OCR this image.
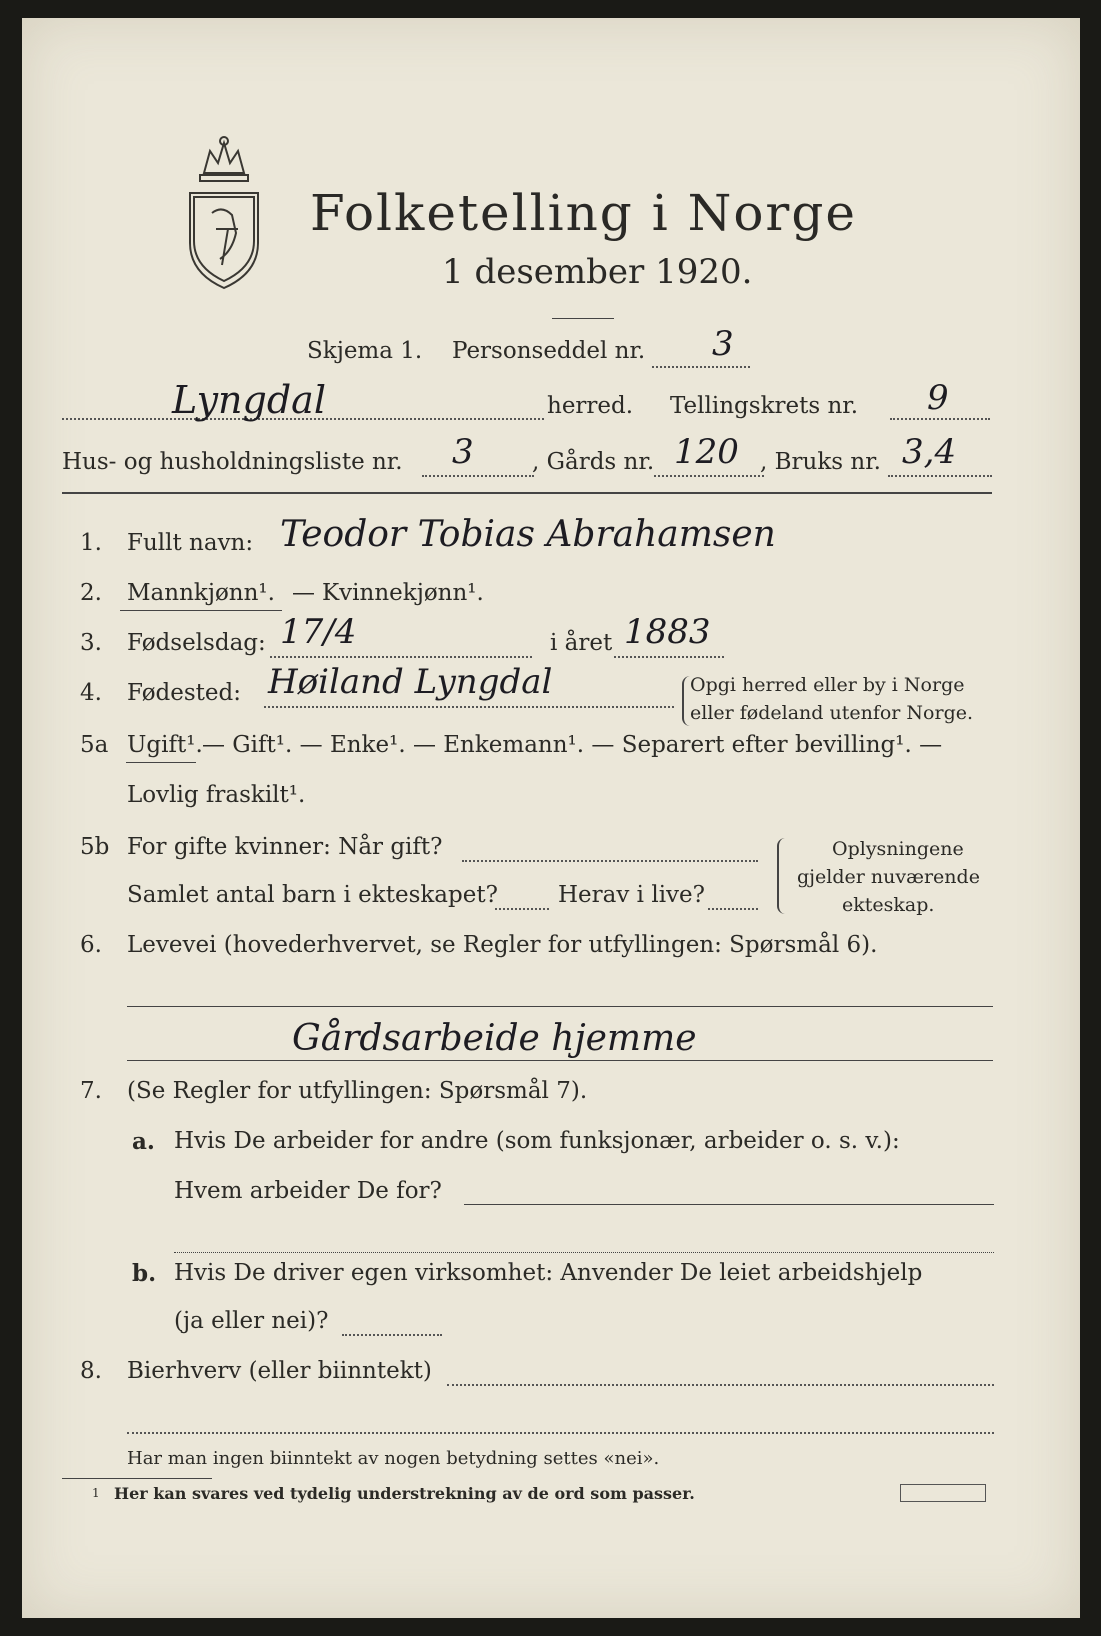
Folketelling i Norge
1 desember 1920.
Skjema 1. Personseddel nr. 3
Lyngdal	herred. Tellingskrets nr. 9
Hus- og husholdningsliste nr. 3	, Gårds nr. 120 , Bruks nr. 3,4
1. Fullt navn: Teodor Tobias Abrahamsen
2. Mannkjønn¹. — Kvinnekjønn¹.
3. Fødselsdag: 17/4	i året 1883
4. Fødested: Høiland Lyngdal	Opgi herred eller by i Norge
eller fødeland utenfor Norge.
5a Ugift¹. — Gift¹. — Enke¹. — Enkemann¹. — Separert efter bevilling¹. —
Lovlig fraskilt¹.
5b For gifte kvinner: Når gift?
Samlet antal barn i ekteskapet?	Herav i live?
Oplysningene
gjelder nuværende
ekteskap.
6. Levevei (hovederhvervet, se Regler for utfyllingen: Spørsmål 6).
Gårdsarbeide hjemme
7. (Se Regler for utfyllingen: Spørsmål 7).
a. Hvis De arbeider for andre (som funksjonær, arbeider o. s. v.):
Hvem arbeider De for?
b. Hvis De driver egen virksomhet: Anvender De leiet arbeidshjelp
(ja eller nei)?
8. Bierhverv (eller biinntekt)
Har man ingen biinntekt av nogen betydning settes «nei».
1 Her kan svares ved tydelig understrekning av de ord som passer.
